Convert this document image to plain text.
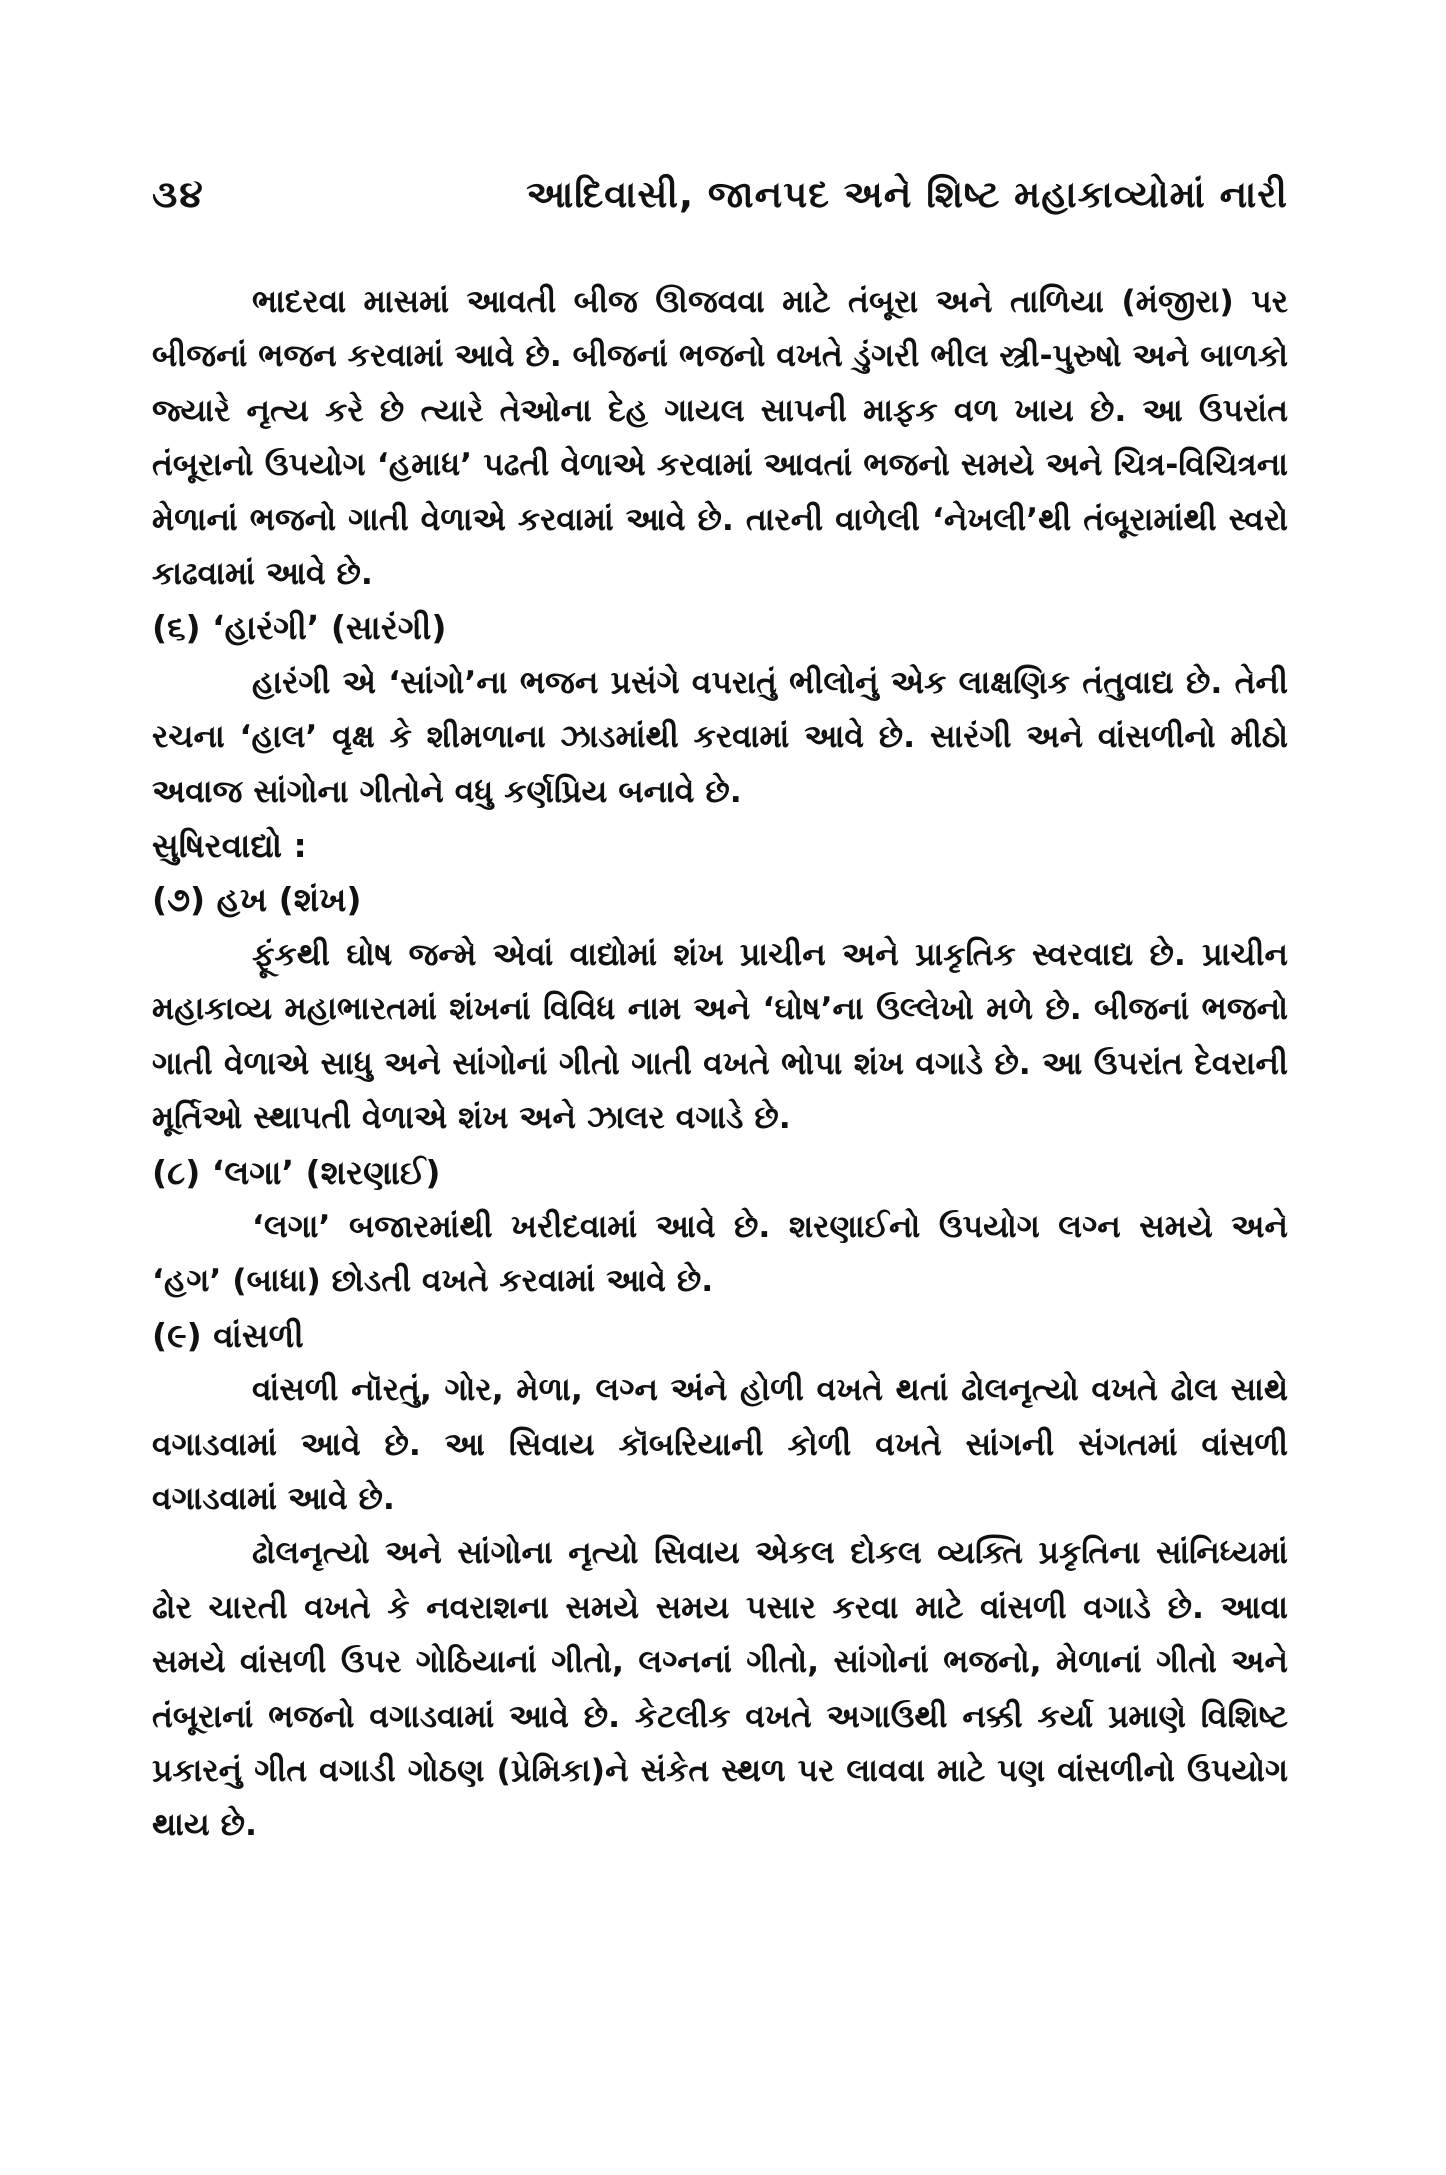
૩૪	આદિવાસી, જાનપદ અને શિષ્ટ મહાકાવ્યોમાં નારી

ભાદરવા માસમાં આવતી બીજ ઊજવવા માટે તંબૂરા અને તાળિયા (મંજીરા) પર બીજનાં ભજન કરવામાં આવે છે. બીજનાં ભજનો વખતે ડુંગરી ભીલ સ્ત્રી-પુરુષો અને બાળકો જ્યારે નૃત્ય કરે છે ત્યારે તેઓના દેહ ગાયલ સાપની માફક વળ ખાય છે. આ ઉપરાંત તંબૂરાનો ઉપયોગ ‘હમાધ’ પઢતી વેળાએ કરવામાં આવતાં ભજનો સમયે અને ચિત્ર-વિચિત્રના મેળાનાં ભજનો ગાતી વેળાએ કરવામાં આવે છે. તારની વાળેલી ‘નેખલી’થી તંબૂરામાંથી સ્વરો કાઢવામાં આવે છે.

(૬) ‘હારંગી’ (સારંગી)

હારંગી એ ‘સાંગો’ના ભજન પ્રસંગે વપરાતું ભીલોનું એક લાક્ષણિક તંતુવાદ્ય છે. તેની રચના ‘હાલ’ વૃક્ષ કે શીમળાના ઝાડમાંથી કરવામાં આવે છે. સારંગી અને વાંસળીનો મીઠો અવાજ સાંગોના ગીતોને વધુ કર્ણપ્રિય બનાવે છે.

સુષિરવાદ્યો :
(૭) હખ (શંખ)

ફૂંકથી ઘોષ જન્મે એવાં વાદ્યોમાં શંખ પ્રાચીન અને પ્રાકૃતિક સ્વરવાદ્ય છે. પ્રાચીન મહાકાવ્ય મહાભારતમાં શંખનાં વિવિધ નામ અને ‘ઘોષ’ના ઉલ્લેખો મળે છે. બીજનાં ભજનો ગાતી વેળાએ સાધુ અને સાંગોનાં ગીતો ગાતી વખતે ભોપા શંખ વગાડે છે. આ ઉપરાંત દેવરાની મૂર્તિઓ સ્થાપતી વેળાએ શંખ અને ઝાલર વગાડે છે.

(૮) ‘લગા’ (શરણાઈ)

‘લગા’ બજારમાંથી ખરીદવામાં આવે છે. શરણાઈનો ઉપયોગ લગ્ન સમયે અને ‘હગ’ (બાધા) છોડતી વખતે કરવામાં આવે છે.

(૯) વાંસળી

વાંસળી નૉરતું, ગોર, મેળા, લગ્ન અંને હોળી વખતે થતાં ઢોલનૃત્યો વખતે ઢોલ સાથે વગાડવામાં આવે છે. આ સિવાય કૉબરિયાની કોળી વખતે સાંગની સંગતમાં વાંસળી વગાડવામાં આવે છે.

ઢોલનૃત્યો અને સાંગોના નૃત્યો સિવાય એકલ દોકલ વ્યક્તિ પ્રકૃતિના સાંનિધ્યમાં ઢોર ચારતી વખતે કે નવરાશના સમયે સમય પસાર કરવા માટે વાંસળી વગાડે છે. આવા સમયે વાંસળી ઉપર ગોઠિયાનાં ગીતો, લગ્નનાં ગીતો, સાંગોનાં ભજનો, મેળાનાં ગીતો અને તંબૂરાનાં ભજનો વગાડવામાં આવે છે. કેટલીક વખતે અગાઉથી નક્કી કર્યા પ્રમાણે વિશિષ્ટ પ્રકારનું ગીત વગાડી ગોઠણ (પ્રેમિકા)ને સંકેત સ્થળ પર લાવવા માટે પણ વાંસળીનો ઉપયોગ થાય છે.
